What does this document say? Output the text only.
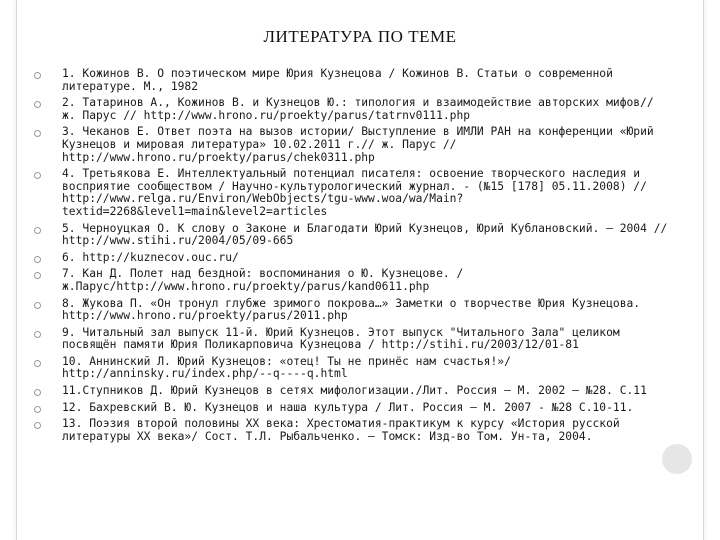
ЛИТЕРАТУРА ПО ТЕМЕ
1. Кожинов В. О поэтическом мире Юрия Кузнецова / Кожинов В. Статьи о современной литературе. М., 1982
2. Татаринов А., Кожинов В. и Кузнецов Ю.: типология и взаимодействие авторских мифов// ж. Парус // http://www.hrono.ru/proekty/parus/tatrnv0111.php
3. Чеканов Е. Ответ поэта на вызов истории/ Выступление в ИМЛИ РАН на конференции «Юрий Кузнецов и мировая литература» 10.02.2011 г.// ж. Парус // http://www.hrono.ru/proekty/parus/chek0311.php
4. Третьякова Е. Интеллектуальный потенциал писателя: освоение творческого наследия и восприятие сообществом / Научно-культурологический журнал. - (№15 [178] 05.11.2008) // http://www.relga.ru/Environ/WebObjects/tgu-www.woa/wa/Main?textid=2268&level1=main&level2=articles
5. Черноуцкая О. К слову о Законе и Благодати Юрий Кузнецов, Юрий Кублановский. – 2004 // http://www.stihi.ru/2004/05/09-665
6. http://kuznecov.ouc.ru/
7. Кан Д. Полет над бездной: воспоминания о Ю. Кузнецове. / ж.Парус/http://www.hrono.ru/proekty/parus/kand0611.php
8. Жукова П. «Он тронул глубже зримого покрова…» Заметки о творчестве Юрия Кузнецова. http://www.hrono.ru/proekty/parus/2011.php
9. Читальный зал выпуск 11-й. Юрий Кузнецов. Этот выпуск "Читального Зала" целиком посвящён памяти Юрия Поликарповича Кузнецова / http://stihi.ru/2003/12/01-81
10. Аннинский Л. Юрий Кузнецов: «отец! Ты не принёс нам счастья!»/ http://anninsky.ru/index.php/--q----q.html
11.Ступников Д. Юрий Кузнецов в сетях мифологизации./Лит. Россия – М. 2002 – №28. С.11
12. Бахревский В. Ю. Кузнецов и наша культура / Лит. Россия – М. 2007 - №28 С.10-11.
13. Поэзия второй половины XX века: Хрестоматия-практикум к курсу «История русской литературы XX века»/ Сост. Т.Л. Рыбальченко. – Томск: Изд-во Том. Ун-та, 2004.
